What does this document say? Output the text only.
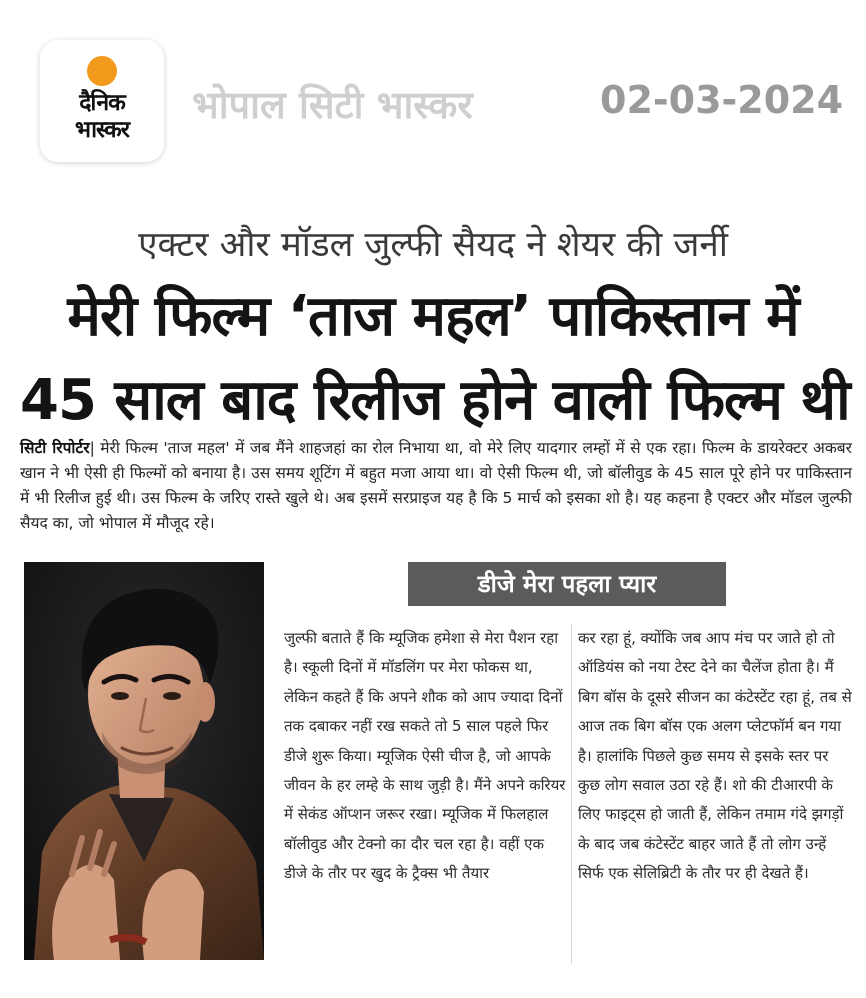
दैनिक
भास्कर
भोपाल सिटी भास्कर	02-03-2024
एक्टर और मॉडल जुल्फी सैयद ने शेयर की जर्नी
मेरी फिल्म ‘ताज महल’ पाकिस्तान में
45 साल बाद रिलीज होने वाली फिल्म थी
सिटी रिपोर्टर| मेरी फिल्म 'ताज महल' में जब मैंने शाहजहां का रोल निभाया था, वो मेरे लिए यादगार लम्हों में से एक रहा। फिल्म के डायरेक्टर अकबर खान ने भी ऐसी ही फिल्मों को बनाया है। उस समय शूटिंग में बहुत मजा आया था। वो ऐसी फिल्म थी, जो बॉलीवुड के 45 साल पूरे होने पर पाकिस्तान में भी रिलीज हुई थी। उस फिल्म के जरिए रास्ते खुले थे। अब इसमें सरप्राइज यह है कि 5 मार्च को इसका शो है। यह कहना है एक्टर और मॉडल जुल्फी सैयद का, जो भोपाल में मौजूद रहे।
डीजे मेरा पहला प्यार
जुल्फी बताते हैं कि म्यूजिक हमेशा से मेरा पैशन रहा है। स्कूली दिनों में मॉडलिंग पर मेरा फोकस था, लेकिन कहते हैं कि अपने शौक को आप ज्यादा दिनों तक दबाकर नहीं रख सकते तो 5 साल पहले फिर डीजे शुरू किया। म्यूजिक ऐसी चीज है, जो आपके जीवन के हर लम्हे के साथ जुड़ी है। मैंने अपने करियर में सेकंड ऑप्शन जरूर रखा। म्यूजिक में फिलहाल बॉलीवुड और टेक्नो का दौर चल रहा है। वहीं एक डीजे के तौर पर खुद के ट्रैक्स भी तैयार
कर रहा हूं, क्योंकि जब आप मंच पर जाते हो तो ऑडियंस को नया टेस्ट देने का चैलेंज होता है। मैं बिग बॉस के दूसरे सीजन का कंटेस्टेंट रहा हूं, तब से आज तक बिग बॉस एक अलग प्लेटफॉर्म बन गया है। हालांकि पिछले कुछ समय से इसके स्तर पर कुछ लोग सवाल उठा रहे हैं। शो की टीआरपी के लिए फाइट्स हो जाती हैं, लेकिन तमाम गंदे झगड़ों के बाद जब कंटेस्टेंट बाहर जाते हैं तो लोग उन्हें सिर्फ एक सेलिब्रिटी के तौर पर ही देखते हैं।
